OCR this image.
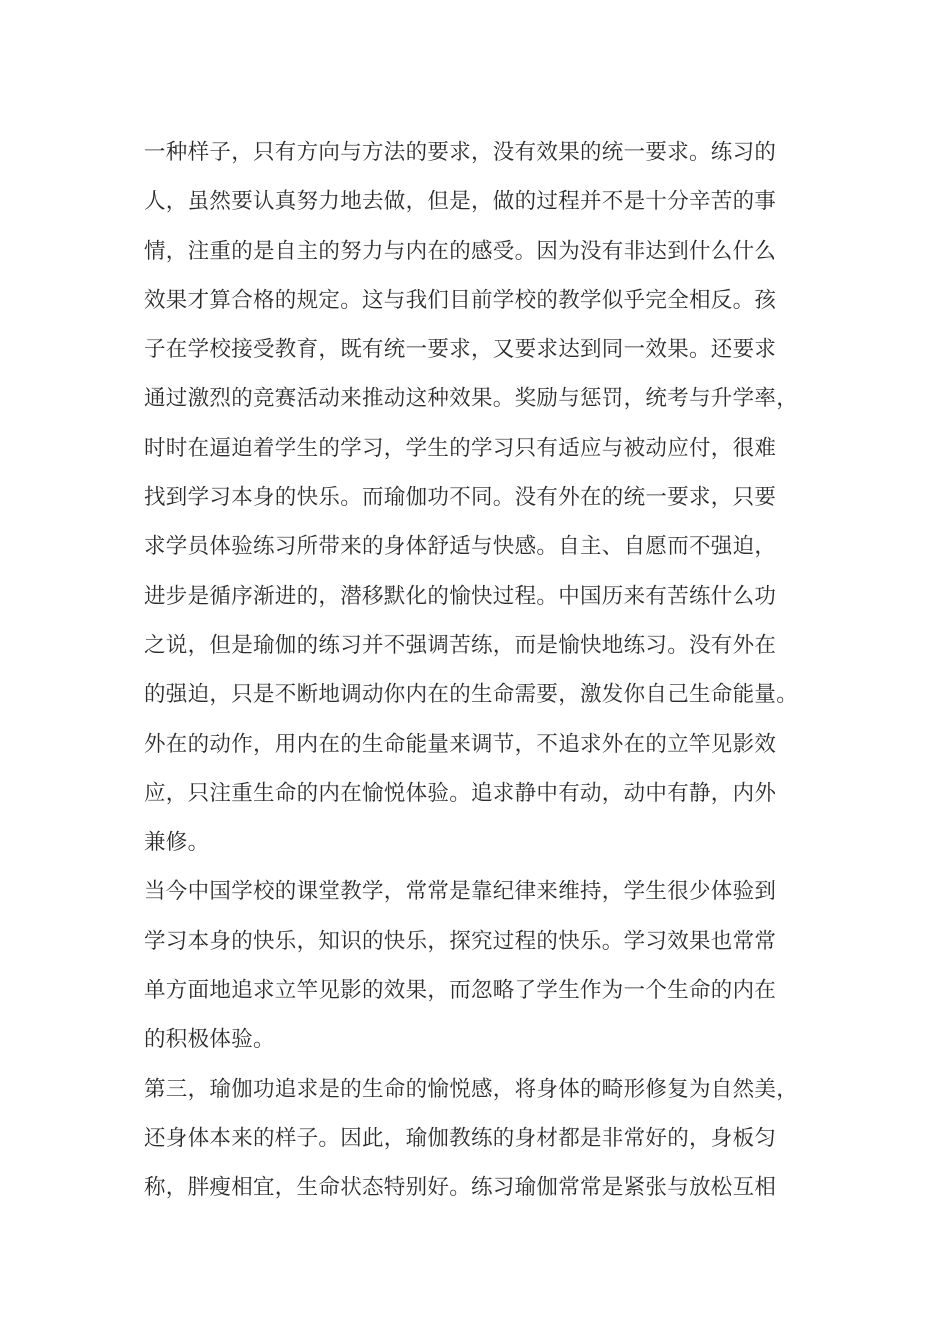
一种样子，只有方向与方法的要求，没有效果的统一要求。练习的
人，虽然要认真努力地去做，但是，做的过程并不是十分辛苦的事
情，注重的是自主的努力与内在的感受。因为没有非达到什么什么
效果才算合格的规定。这与我们目前学校的教学似乎完全相反。孩
子在学校接受教育，既有统一要求，又要求达到同一效果。还要求
通过激烈的竞赛活动来推动这种效果。奖励与惩罚，统考与升学率，
时时在逼迫着学生的学习，学生的学习只有适应与被动应付，很难
找到学习本身的快乐。而瑜伽功不同。没有外在的统一要求，只要
求学员体验练习所带来的身体舒适与快感。自主、自愿而不强迫，
进步是循序渐进的，潜移默化的愉快过程。中国历来有苦练什么功
之说，但是瑜伽的练习并不强调苦练，而是愉快地练习。没有外在
的强迫，只是不断地调动你内在的生命需要，激发你自己生命能量。
外在的动作，用内在的生命能量来调节，不追求外在的立竿见影效
应，只注重生命的内在愉悦体验。追求静中有动，动中有静，内外
兼修。
当今中国学校的课堂教学，常常是靠纪律来维持，学生很少体验到
学习本身的快乐，知识的快乐，探究过程的快乐。学习效果也常常
单方面地追求立竿见影的效果，而忽略了学生作为一个生命的内在
的积极体验。
第三，瑜伽功追求是的生命的愉悦感，将身体的畸形修复为自然美，
还身体本来的样子。因此，瑜伽教练的身材都是非常好的，身板匀
称，胖瘦相宜，生命状态特别好。练习瑜伽常常是紧张与放松互相
